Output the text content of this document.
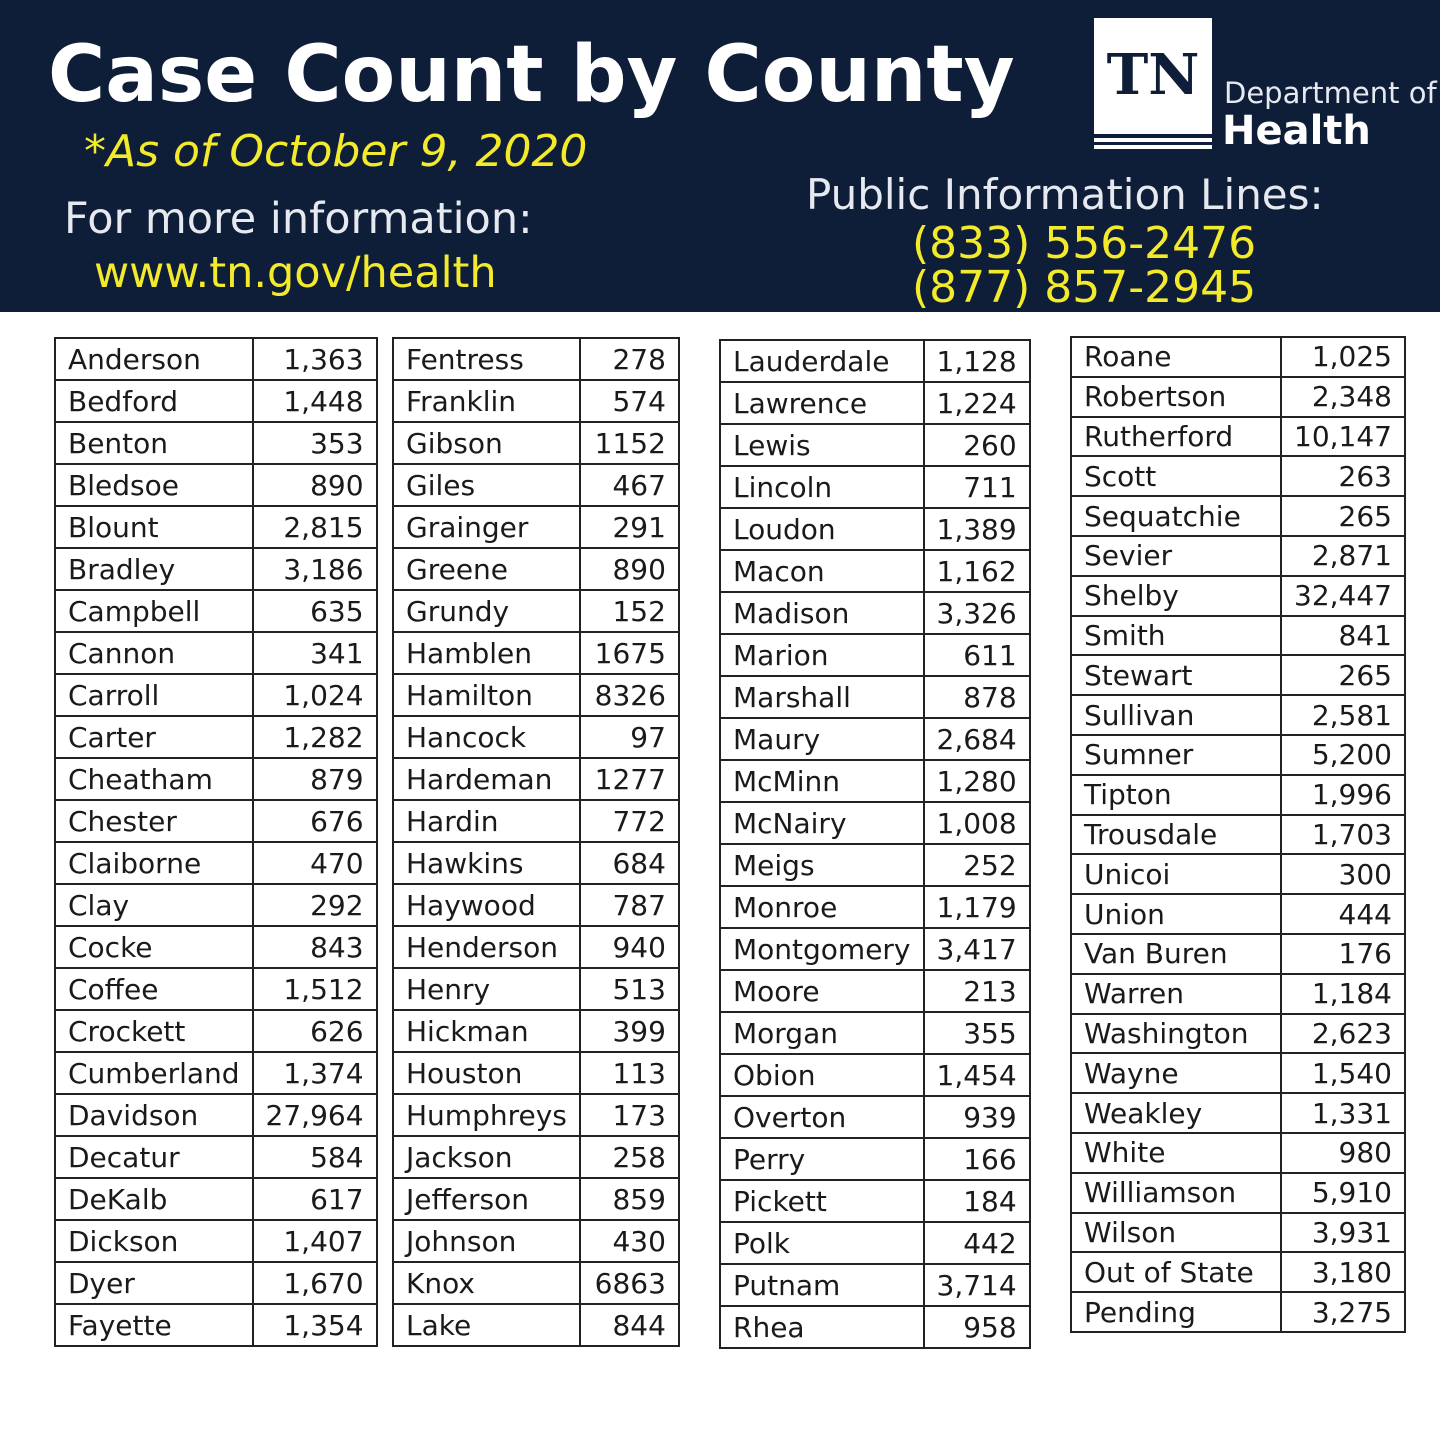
Case Count by County
*As of October 9, 2020
For more information:
www.tn.gov/health
Public Information Lines:
(833) 556-2476
(877) 857-2945
TN Department of
Health
Anderson	1,363
Bedford	1,448
Benton	353
Bledsoe	890
Blount	2,815
Bradley	3,186
Campbell	635
Cannon	341
Carroll	1,024
Carter	1,282
Cheatham	879
Chester	676
Claiborne	470
Clay	292
Cocke	843
Coffee	1,512
Crockett	626
Cumberland	1,374
Davidson	27,964
Decatur	584
DeKalb	617
Dickson	1,407
Dyer	1,670
Fayette	1,354
Fentress	278
Franklin	574
Gibson	1152
Giles	467
Grainger	291
Greene	890
Grundy	152
Hamblen	1675
Hamilton	8326
Hancock	97
Hardeman	1277
Hardin	772
Hawkins	684
Haywood	787
Henderson	940
Henry	513
Hickman	399
Houston	113
Humphreys	173
Jackson	258
Jefferson	859
Johnson	430
Knox	6863
Lake	844
Lauderdale	1,128
Lawrence	1,224
Lewis	260
Lincoln	711
Loudon	1,389
Macon	1,162
Madison	3,326
Marion	611
Marshall	878
Maury	2,684
McMinn	1,280
McNairy	1,008
Meigs	252
Monroe	1,179
Montgomery	3,417
Moore	213
Morgan	355
Obion	1,454
Overton	939
Perry	166
Pickett	184
Polk	442
Putnam	3,714
Rhea	958
Roane	1,025
Robertson	2,348
Rutherford	10,147
Scott	263
Sequatchie	265
Sevier	2,871
Shelby	32,447
Smith	841
Stewart	265
Sullivan	2,581
Sumner	5,200
Tipton	1,996
Trousdale	1,703
Unicoi	300
Union	444
Van Buren	176
Warren	1,184
Washington	2,623
Wayne	1,540
Weakley	1,331
White	980
Williamson	5,910
Wilson	3,931
Out of State	3,180
Pending	3,275
